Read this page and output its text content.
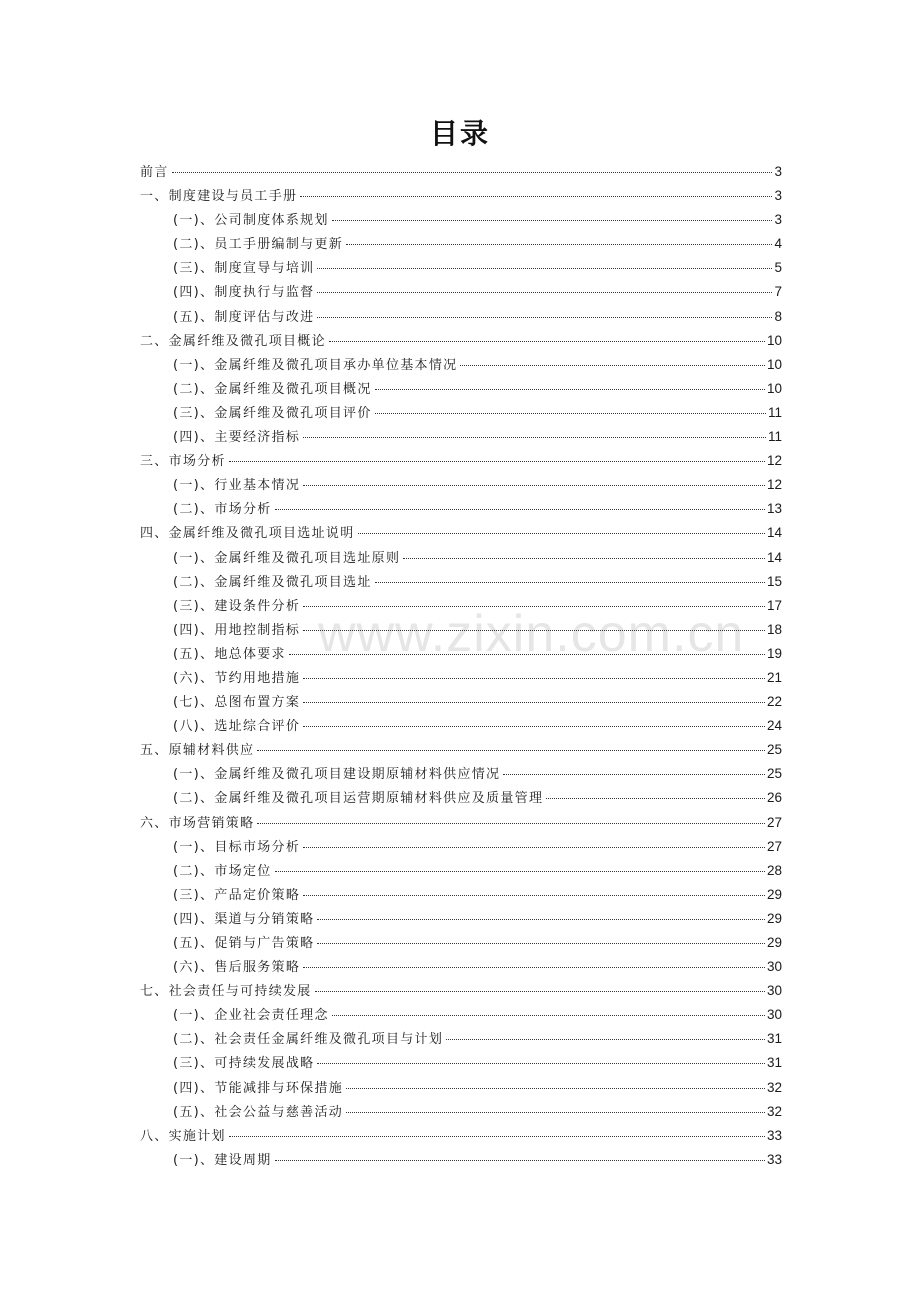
目录
www.zixin.com.cn
前言	3
一、制度建设与员工手册	3
(一)、公司制度体系规划	3
(二)、员工手册编制与更新	4
(三)、制度宣导与培训	5
(四)、制度执行与监督	7
(五)、制度评估与改进	8
二、金属纤维及微孔项目概论	10
(一)、金属纤维及微孔项目承办单位基本情况	10
(二)、金属纤维及微孔项目概况	10
(三)、金属纤维及微孔项目评价	11
(四)、主要经济指标	11
三、市场分析	12
(一)、行业基本情况	12
(二)、市场分析	13
四、金属纤维及微孔项目选址说明	14
(一)、金属纤维及微孔项目选址原则	14
(二)、金属纤维及微孔项目选址	15
(三)、建设条件分析	17
(四)、用地控制指标	18
(五)、地总体要求	19
(六)、节约用地措施	21
(七)、总图布置方案	22
(八)、选址综合评价	24
五、原辅材料供应	25
(一)、金属纤维及微孔项目建设期原辅材料供应情况	25
(二)、金属纤维及微孔项目运营期原辅材料供应及质量管理	26
六、市场营销策略	27
(一)、目标市场分析	27
(二)、市场定位	28
(三)、产品定价策略	29
(四)、渠道与分销策略	29
(五)、促销与广告策略	29
(六)、售后服务策略	30
七、社会责任与可持续发展	30
(一)、企业社会责任理念	30
(二)、社会责任金属纤维及微孔项目与计划	31
(三)、可持续发展战略	31
(四)、节能减排与环保措施	32
(五)、社会公益与慈善活动	32
八、实施计划	33
(一)、建设周期	33
